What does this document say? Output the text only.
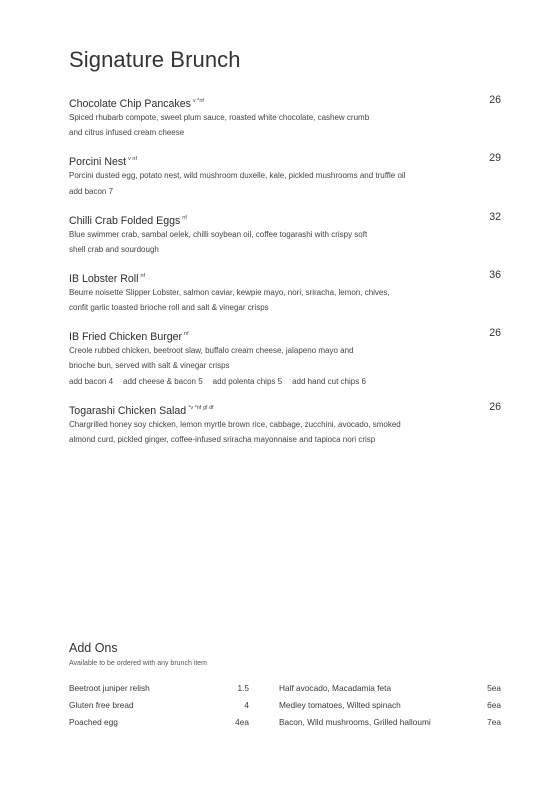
Signature Brunch
Chocolate Chip Pancakes $^{v *nf}$	26
Spiced rhubarb compote, sweet plum sauce, roasted white chocolate, cashew crumb
and citrus infused cream cheese
Porcini Nest $^{v nf}$	29
Porcini dusted egg, potato nest, wild mushroom duxelle, kale, pickled mushrooms and truffle oil
add bacon 7
Chilli Crab Folded Eggs $^{nf}$	32
Blue swimmer crab, sambal oelek, chilli soybean oil, coffee togarashi with crispy soft
shell crab and sourdough
IB Lobster Roll $^{nf}$	36
Beurre noisette Slipper Lobster, salmon caviar, kewpie mayo, nori, sriracha, lemon, chives,
confit garlic toasted brioche roll and salt & vinegar crisps
IB Fried Chicken Burger $^{nf}$	26
Creole rubbed chicken, beetroot slaw, buffalo cream cheese, jalapeno mayo and
brioche bun, served with salt & vinegar crisps
add bacon 4 add cheese & bacon 5 add polenta chips 5 add hand cut chips 6
Togarashi Chicken Salad $^{*v *nf gf df}$	26
Chargrilled honey soy chicken, lemon myrtle brown rice, cabbage, zucchini, avocado, smoked
almond curd, pickled ginger, coffee-infused sriracha mayonnaise and tapioca nori crisp
Add Ons
Available to be ordered with any brunch item
Beetroot juniper relish	1.5
Gluten free bread	4
Poached egg	4ea
Half avocado, Macadamia feta	5ea
Medley tomatoes, Wilted spinach	6ea
Bacon, Wild mushrooms, Grilled halloumi	7ea
